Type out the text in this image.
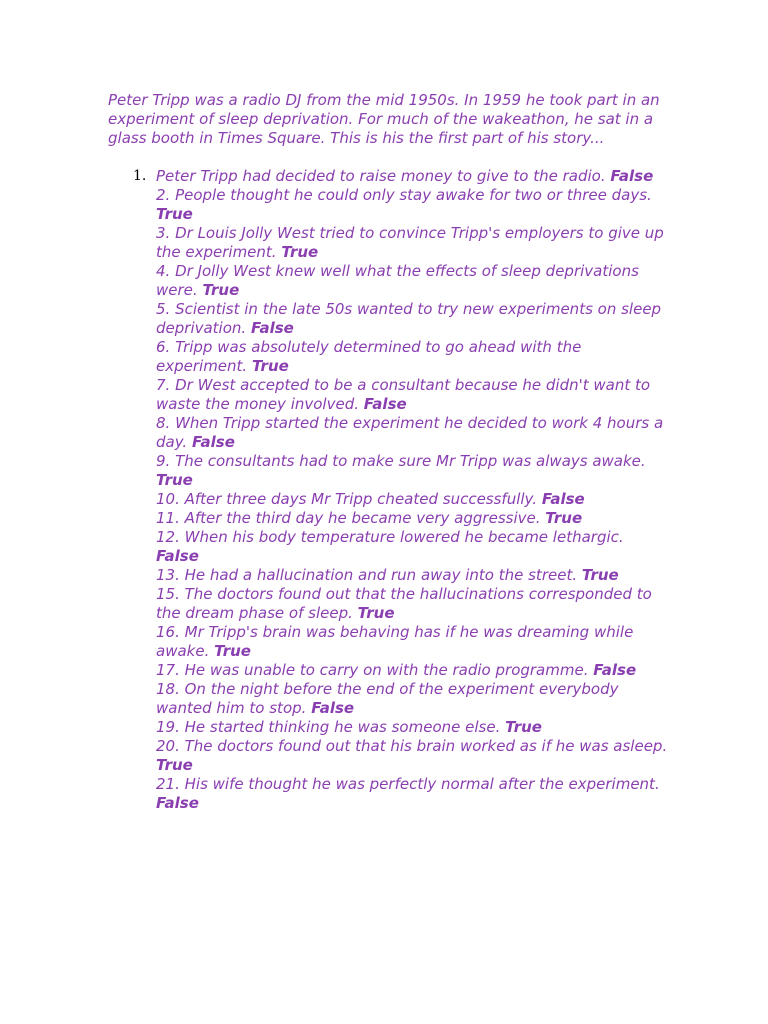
Peter Tripp was a radio DJ from the mid 1950s. In 1959 he took part in an experiment of sleep deprivation. For much of the wakeathon, he sat in a glass booth in Times Square. This is his the first part of his story...

1. Peter Tripp had decided to raise money to give to the radio. False
2. People thought he could only stay awake for two or three days. True
3. Dr Louis Jolly West tried to convince Tripp's employers to give up the experiment. True
4. Dr Jolly West knew well what the effects of sleep deprivations were. True
5. Scientist in the late 50s wanted to try new experiments on sleep deprivation. False
6. Tripp was absolutely determined to go ahead with the experiment. True
7. Dr West accepted to be a consultant because he didn't want to waste the money involved. False
8. When Tripp started the experiment he decided to work 4 hours a day. False
9. The consultants had to make sure Mr Tripp was always awake. True
10. After three days Mr Tripp cheated successfully. False
11. After the third day he became very aggressive. True
12. When his body temperature lowered he became lethargic. False
13. He had a hallucination and run away into the street. True
15. The doctors found out that the hallucinations corresponded to the dream phase of sleep. True
16. Mr Tripp's brain was behaving has if he was dreaming while awake. True
17. He was unable to carry on with the radio programme. False
18. On the night before the end of the experiment everybody wanted him to stop. False
19. He started thinking he was someone else. True
20. The doctors found out that his brain worked as if he was asleep. True
21. His wife thought he was perfectly normal after the experiment. False
